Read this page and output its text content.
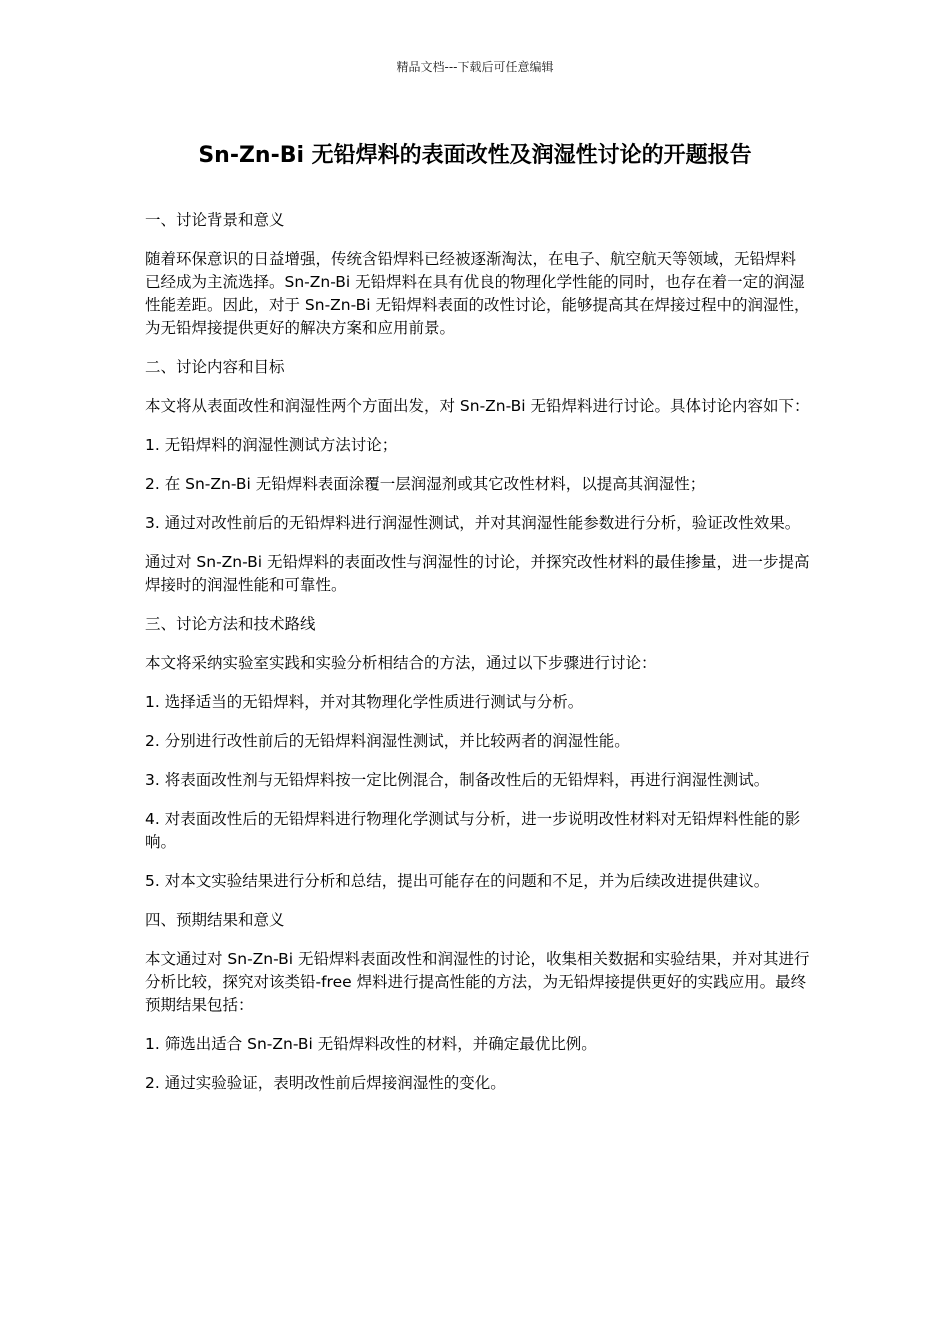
精品文档---下载后可任意编辑
Sn-Zn-Bi 无铅焊料的表面改性及润湿性讨论的开题报告

一、讨论背景和意义

随着环保意识的日益增强，传统含铅焊料已经被逐渐淘汰，在电子、航空航天等领域，无铅焊料已经成为主流选择。Sn-Zn-Bi 无铅焊料在具有优良的物理化学性能的同时，也存在着一定的润湿性能差距。因此，对于 Sn-Zn-Bi 无铅焊料表面的改性讨论，能够提高其在焊接过程中的润湿性，为无铅焊接提供更好的解决方案和应用前景。

二、讨论内容和目标

本文将从表面改性和润湿性两个方面出发，对 Sn-Zn-Bi 无铅焊料进行讨论。具体讨论内容如下：

1. 无铅焊料的润湿性测试方法讨论；

2. 在 Sn-Zn-Bi 无铅焊料表面涂覆一层润湿剂或其它改性材料，以提高其润湿性；

3. 通过对改性前后的无铅焊料进行润湿性测试，并对其润湿性能参数进行分析，验证改性效果。

通过对 Sn-Zn-Bi 无铅焊料的表面改性与润湿性的讨论，并探究改性材料的最佳掺量，进一步提高焊接时的润湿性能和可靠性。

三、讨论方法和技术路线

本文将采纳实验室实践和实验分析相结合的方法，通过以下步骤进行讨论：

1. 选择适当的无铅焊料，并对其物理化学性质进行测试与分析。

2. 分别进行改性前后的无铅焊料润湿性测试，并比较两者的润湿性能。

3. 将表面改性剂与无铅焊料按一定比例混合，制备改性后的无铅焊料，再进行润湿性测试。

4. 对表面改性后的无铅焊料进行物理化学测试与分析，进一步说明改性材料对无铅焊料性能的影响。

5. 对本文实验结果进行分析和总结，提出可能存在的问题和不足，并为后续改进提供建议。

四、预期结果和意义

本文通过对 Sn-Zn-Bi 无铅焊料表面改性和润湿性的讨论，收集相关数据和实验结果，并对其进行分析比较，探究对该类铅-free 焊料进行提高性能的方法，为无铅焊接提供更好的实践应用。最终预期结果包括：

1. 筛选出适合 Sn-Zn-Bi 无铅焊料改性的材料，并确定最优比例。

2. 通过实验验证，表明改性前后焊接润湿性的变化。
